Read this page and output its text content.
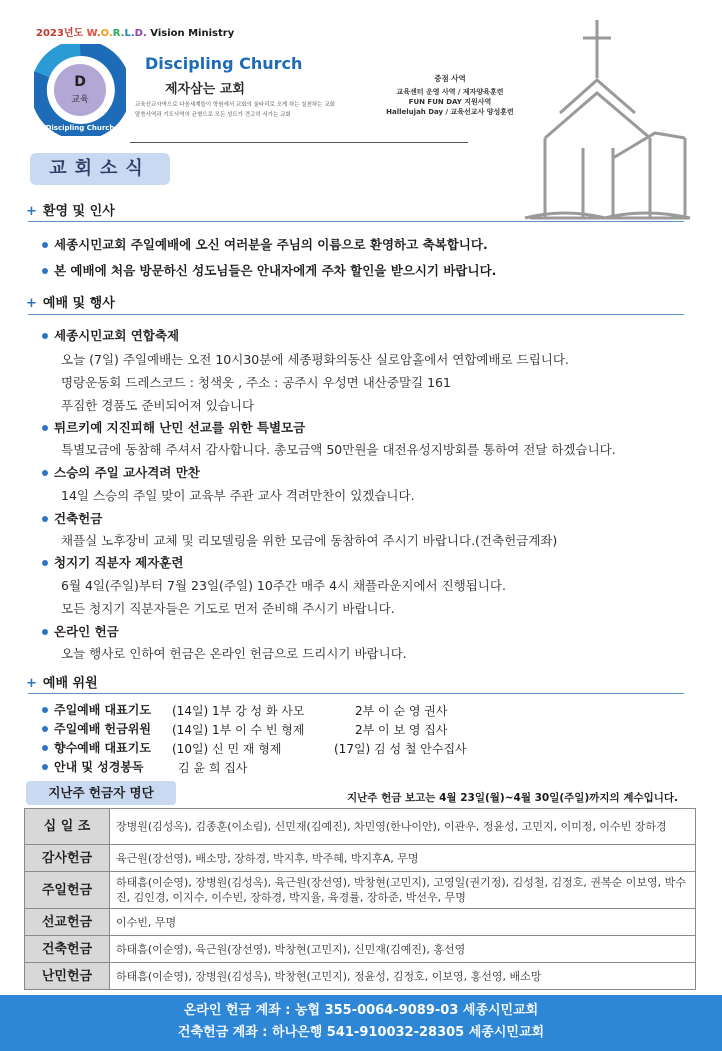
2023년도 W.O.R.L.D. Vision Ministry
D
교육
Discipling Church
Discipling Church
제자삼는 교회
교육선교사역으로 다음세계들이 학원에서 교회의 울타리로 오게 하는 실천하는 교회
말씀사역과 기도사역의 균형으로 모든 성도가 견고히 서가는 교회
중점 사역
교육센터 운영 사역 / 제자양육훈련
FUN FUN DAY 지원사역
Hallelujah Day / 교육선교사 양성훈련
교회소식
+ 환영 및 인사
세종시민교회 주일예배에 오신 여러분을 주님의 이름으로 환영하고 축복합니다.
본 예배에 처음 방문하신 성도님들은 안내자에게 주차 할인을 받으시기 바랍니다.
+ 예배 및 행사
세종시민교회 연합축제
오늘 (7일) 주일예배는 오전 10시30분에 세종평화의동산 실로암홀에서 연합예배로 드립니다.
명랑운동회 드레스코드 : 청색옷 , 주소 : 공주시 우성면 내산중말길 161
푸짐한 경품도 준비되어져 있습니다
튀르키예 지진피해 난민 선교를 위한 특별모금
특별모금에 동참해 주셔서 감사합니다. 총모금액 50만원을 대전유성지방회를 통하여 전달 하겠습니다.
스승의 주일 교사격려 만찬
14일 스승의 주일 맞이 교육부 주관 교사 격려만찬이 있겠습니다.
건축헌금
채플실 노후장비 교체 및 리모델링을 위한 모금에 동참하여 주시기 바랍니다.(건축헌금계좌)
청지기 직분자 제자훈련
6월 4일(주일)부터 7월 23일(주일) 10주간 매주 4시 채플라운지에서 진행됩니다.
모든 청지기 직분자들은 기도로 먼저 준비해 주시기 바랍니다.
온라인 헌금
오늘 행사로 인하여 헌금은 온라인 헌금으로 드리시기 바랍니다.
+ 예배 위원
주일예배 대표기도 (14일) 1부 강 성 화 사모	2부 이 순 영 권사
주일예배 헌금위원 (14일) 1부 이 수 빈 형제	2부 이 보 영 집사
향수예배 대표기도 (10일) 신 민 재 형제	(17일) 김 성 철 안수집사
안내 및 성경봉독	김 윤 희 집사
지난주 헌금자 명단	지난주 헌금 보고는 4월 23일(월)~4월 30일(주일)까지의 계수입니다.
십 일 조	장병원(김성옥), 김종훈(이소림), 신민재(김예진), 차민영(한나이안), 이관우, 정윤성, 고민지, 이미정, 이수빈 장하경
감사헌금	육근원(장선영), 배소망, 장하경, 박지후, 박주혜, 박지후A, 무명
주일헌금	하태흠(이순영), 장병원(김성옥), 육근원(장선영), 박창현(고민지), 고영일(권기정), 김성철, 김정호, 권복순 이보영, 박수진, 김인경, 이지수, 이수빈, 장하경, 박지율, 육경률, 장하준, 박선우, 무명
선교헌금	이수빈, 무명
건축헌금	하태흠(이순영), 육근원(장선영), 박창현(고민지), 신민재(김예진), 홍선영
난민헌금	하태흠(이순영), 장병원(김성옥), 박창현(고민지), 정윤성, 김정호, 이보영, 홍선영, 배소망
온라인 헌금 계좌 : 농협 355-0064-9089-03 세종시민교회
건축헌금 계좌 : 하나은행 541-910032-28305 세종시민교회
